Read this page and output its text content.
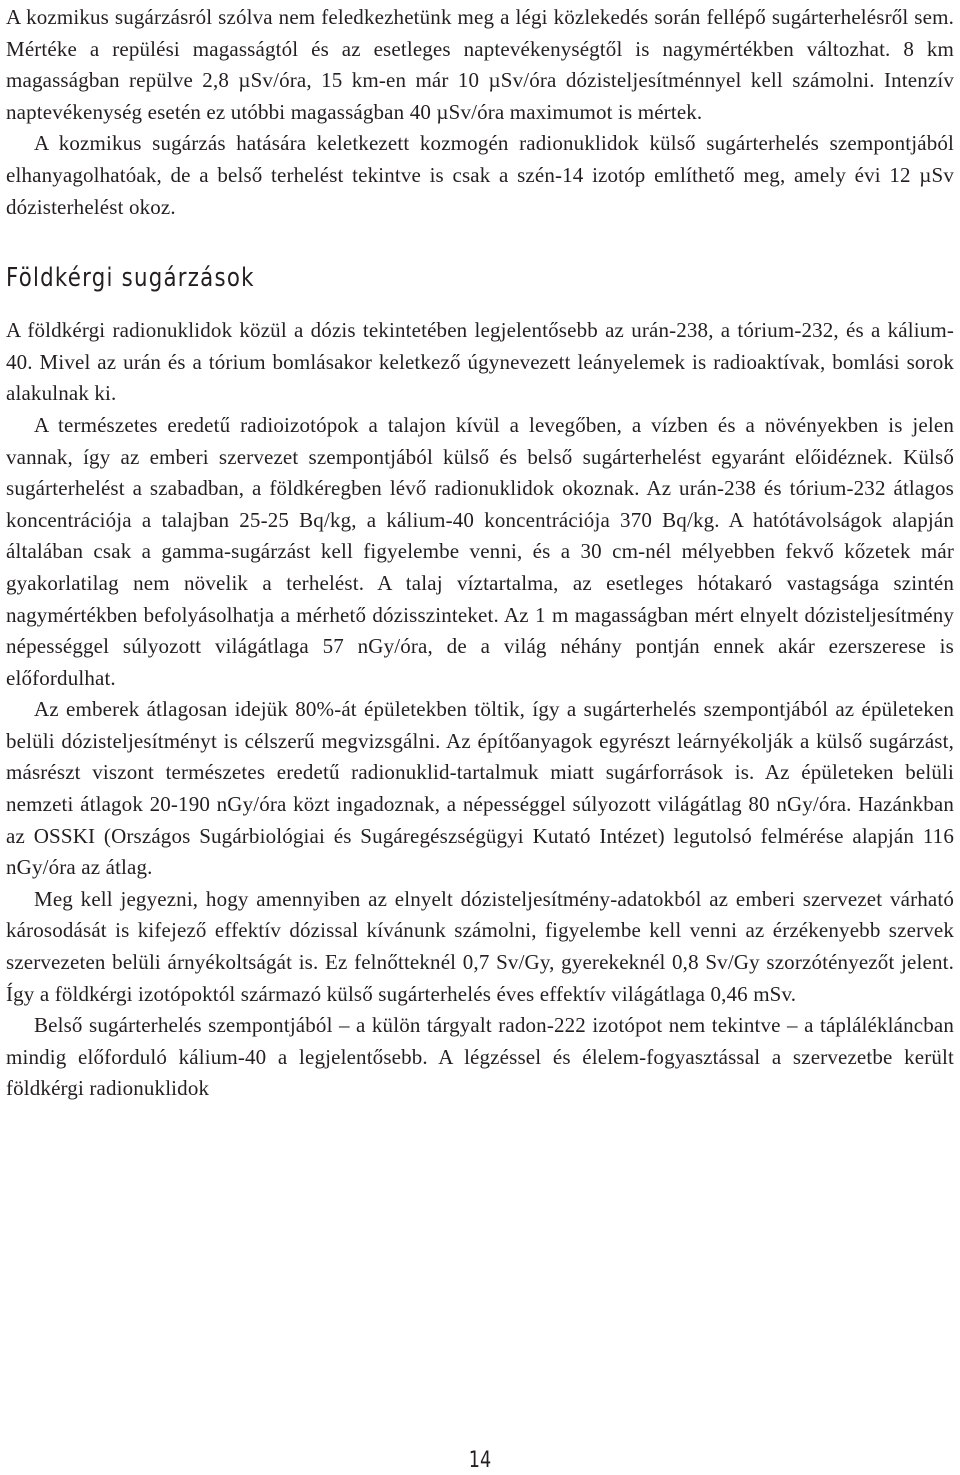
A kozmikus sugárzásról szólva nem feledkezhetünk meg a légi közlekedés során fellépő sugárterhelésről sem. Mértéke a repülési magasságtól és az esetleges naptevékenységtől is nagymértékben változhat. 8 km magasságban repülve 2,8 µSv/óra, 15 km-en már 10 µSv/óra dózisteljesítménnyel kell számolni. Intenzív naptevékenység esetén ez utóbbi magasságban 40 µSv/óra maximumot is mértek.

A kozmikus sugárzás hatására keletkezett kozmogén radionuklidok külső sugárterhelés szempontjából elhanyagolhatóak, de a belső terhelést tekintve is csak a szén-14 izotóp említhető meg, amely évi 12 µSv dózisterhelést okoz.

Földkérgi sugárzások

A földkérgi radionuklidok közül a dózis tekintetében legjelentősebb az urán-238, a tórium-232, és a kálium-40. Mivel az urán és a tórium bomlásakor keletkező úgynevezett leányelemek is radioaktívak, bomlási sorok alakulnak ki.

A természetes eredetű radioizotópok a talajon kívül a levegőben, a vízben és a növényekben is jelen vannak, így az emberi szervezet szempontjából külső és belső sugárterhelést egyaránt előidéznek. Külső sugárterhelést a szabadban, a földkéregben lévő radionuklidok okoznak. Az urán-238 és tórium-232 átlagos koncentrációja a talajban 25-25 Bq/kg, a kálium-40 koncentrációja 370 Bq/kg. A hatótávolságok alapján általában csak a gamma-sugárzást kell figyelembe venni, és a 30 cm-nél mélyebben fekvő kőzetek már gyakorlatilag nem növelik a terhelést. A talaj víztartalma, az esetleges hótakaró vastagsága szintén nagymértékben befolyásolhatja a mérhető dózisszinteket. Az 1 m magasságban mért elnyelt dózisteljesítmény népességgel súlyozott világátlaga 57 nGy/óra, de a világ néhány pontján ennek akár ezerszerese is előfordulhat.

Az emberek átlagosan idejük 80%-át épületekben töltik, így a sugárterhelés szempontjából az épületeken belüli dózisteljesítményt is célszerű megvizsgálni. Az építőanyagok egyrészt leárnyékolják a külső sugárzást, másrészt viszont természetes eredetű radionuklid-tartalmuk miatt sugárforrások is. Az épületeken belüli nemzeti átlagok 20-190 nGy/óra közt ingadoznak, a népességgel súlyozott világátlag 80 nGy/óra. Hazánkban az OSSKI (Országos Sugárbiológiai és Sugáregészségügyi Kutató Intézet) legutolsó felmérése alapján 116 nGy/óra az átlag.

Meg kell jegyezni, hogy amennyiben az elnyelt dózisteljesítmény-adatokból az emberi szervezet várható károsodását is kifejező effektív dózissal kívánunk számolni, figyelembe kell venni az érzékenyebb szervek szervezeten belüli árnyékoltságát is. Ez felnőtteknél 0,7 Sv/Gy, gyerekeknél 0,8 Sv/Gy szorzótényezőt jelent. Így a földkérgi izotópoktól származó külső sugárterhelés éves effektív világátlaga 0,46 mSv.

Belső sugárterhelés szempontjából – a külön tárgyalt radon-222 izotópot nem tekintve – a táplálékláncban mindig előforduló kálium-40 a legjelentősebb. A légzéssel és élelem-fogyasztással a szervezetbe került földkérgi radionuklidok

14
